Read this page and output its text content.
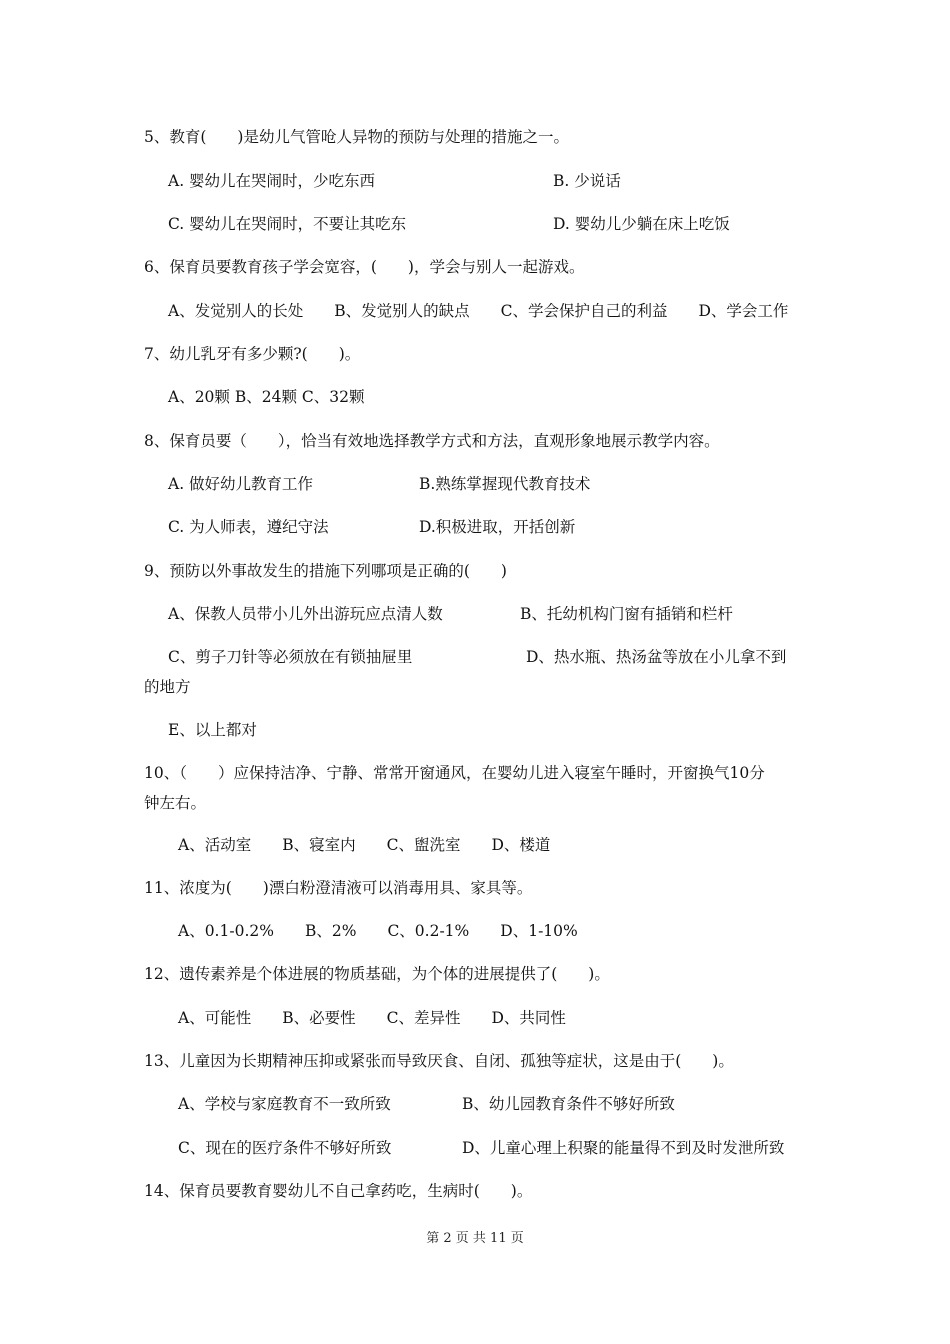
5、教育(　　)是幼儿气管呛人异物的预防与处理的措施之一。
A. 婴幼儿在哭闹时，少吃东西	B. 少说话
C. 婴幼儿在哭闹时，不要让其吃东	D. 婴幼儿少躺在床上吃饭
6、保育员要教育孩子学会宽容，(　　)，学会与别人一起游戏。
A、发觉别人的长处　　B、发觉别人的缺点　　C、学会保护自己的利益　　D、学会工作
7、幼儿乳牙有多少颗?(　　)。
A、20颗 B、24颗 C、32颗
8、保育员要（　　），恰当有效地选择教学方式和方法，直观形象地展示教学内容。
A. 做好幼儿教育工作	B.熟练掌握现代教育技术
C. 为人师表，遵纪守法	D.积极进取，开括创新
9、预防以外事故发生的措施下列哪项是正确的(　　)
A、保教人员带小儿外出游玩应点清人数	B、托幼机构门窗有插销和栏杆
C、剪子刀针等必须放在有锁抽屉里	D、热水瓶、热汤盆等放在小儿拿不到
的地方
E、以上都对
10、（　　）应保持洁净、宁静、常常开窗通风，在婴幼儿进入寝室午睡时，开窗换气10分
钟左右。
A、活动室　　B、寝室内　　C、盥洗室　　D、楼道
11、浓度为(　　)漂白粉澄清液可以消毒用具、家具等。
A、0.1-0.2%　　B、2%　　C、0.2-1%　　D、1-10%
12、遗传素养是个体进展的物质基础，为个体的进展提供了(　　)。
A、可能性　　B、必要性　　C、差异性　　D、共同性
13、儿童因为长期精神压抑或紧张而导致厌食、自闭、孤独等症状，这是由于(　　)。
A、学校与家庭教育不一致所致	B、幼儿园教育条件不够好所致
C、现在的医疗条件不够好所致	D、儿童心理上积聚的能量得不到及时发泄所致
14、保育员要教育婴幼儿不自己拿药吃，生病时(　　)。
第 2 页 共 11 页
